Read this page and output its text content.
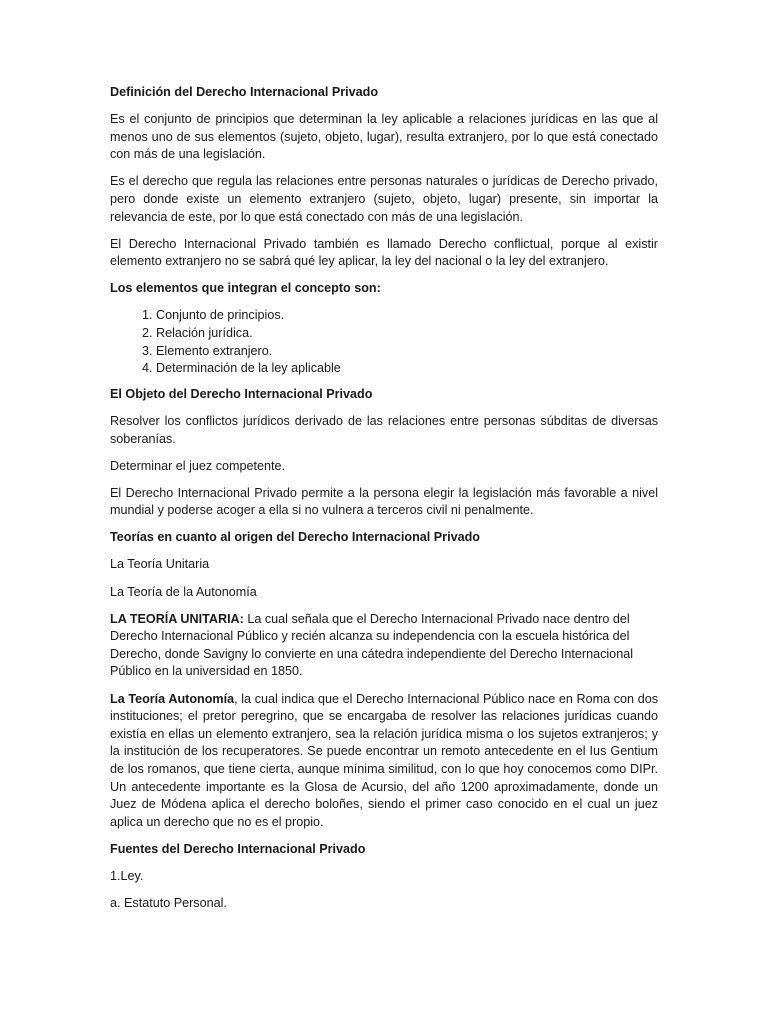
Definición del Derecho Internacional Privado

Es el conjunto de principios que determinan la ley aplicable a relaciones jurídicas en las que al menos uno de sus elementos (sujeto, objeto, lugar), resulta extranjero, por lo que está conectado con más de una legislación.

Es el derecho que regula las relaciones entre personas naturales o jurídicas de Derecho privado, pero donde existe un elemento extranjero (sujeto, objeto, lugar) presente, sin importar la relevancia de este, por lo que está conectado con más de una legislación.

El Derecho Internacional Privado también es llamado Derecho conflictual, porque al existir elemento extranjero no se sabrá qué ley aplicar, la ley del nacional o la ley del extranjero.

Los elementos que integran el concepto son:

1. Conjunto de principios.
2. Relación jurídica.
3. Elemento extranjero.
4. Determinación de la ley aplicable

El Objeto del Derecho Internacional Privado

Resolver los conflictos jurídicos derivado de las relaciones entre personas súbditas de diversas soberanías.

Determinar el juez competente.

El Derecho Internacional Privado permite a la persona elegir la legislación más favorable a nivel mundial y poderse acoger a ella si no vulnera a terceros civil ni penalmente.

Teorías en cuanto al origen del Derecho Internacional Privado

La Teoría Unitaria

La Teoría de la Autonomía

LA TEORÍA UNITARIA: La cual señala que el Derecho Internacional Privado nace dentro del Derecho Internacional Público y recién alcanza su independencia con la escuela histórica del Derecho, donde Savigny lo convierte en una cátedra independiente del Derecho Internacional Público en la universidad en 1850.

La Teoría Autonomía, la cual indica que el Derecho Internacional Público nace en Roma con dos instituciones; el pretor peregrino, que se encargaba de resolver las relaciones jurídicas cuando existía en ellas un elemento extranjero, sea la relación jurídica misma o los sujetos extranjeros; y la institución de los recuperatores. Se puede encontrar un remoto antecedente en el Ius Gentium de los romanos, que tiene cierta, aunque mínima similitud, con lo que hoy conocemos como DIPr. Un antecedente importante es la Glosa de Acursio, del año 1200 aproximadamente, donde un Juez de Módena aplica el derecho boloñes, siendo el primer caso conocido en el cual un juez aplica un derecho que no es el propio.

Fuentes del Derecho Internacional Privado

1.Ley.

a. Estatuto Personal.
